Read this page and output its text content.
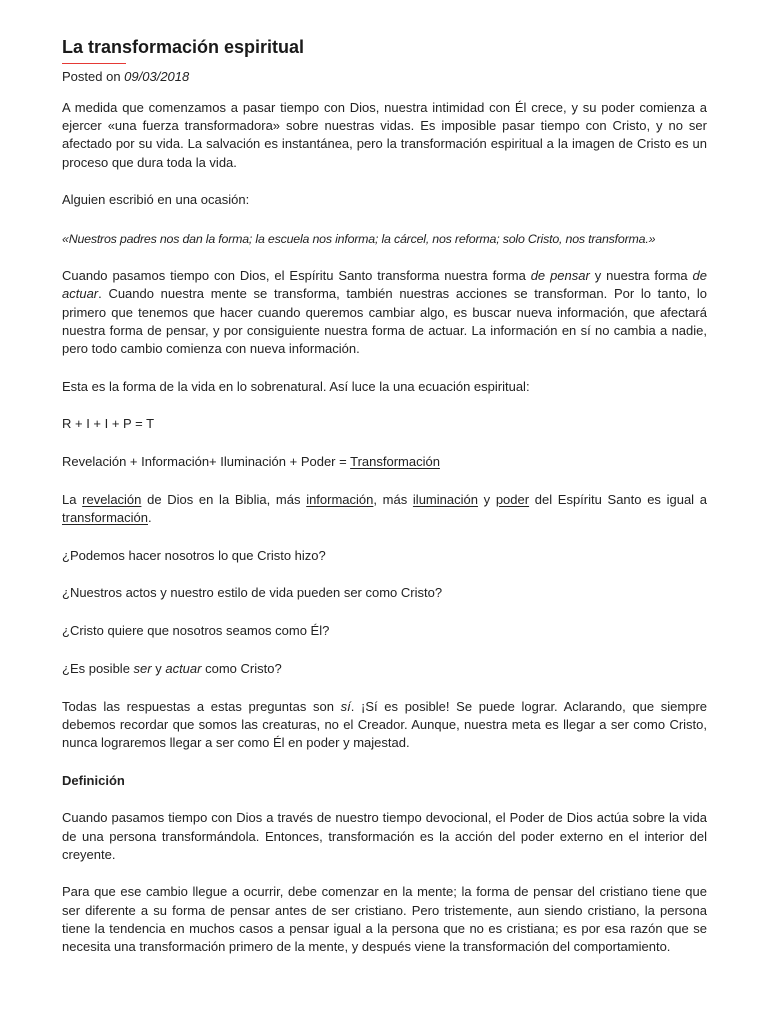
La transformación espiritual
Posted on 09/03/2018

A medida que comenzamos a pasar tiempo con Dios, nuestra intimidad con Él crece, y su poder comienza a ejercer «una fuerza transformadora» sobre nuestras vidas. Es imposible pasar tiempo con Cristo, y no ser afectado por su vida. La salvación es instantánea, pero la transformación espiritual a la imagen de Cristo es un proceso que dura toda la vida.

Alguien escribió en una ocasión:

«Nuestros padres nos dan la forma; la escuela nos informa; la cárcel, nos reforma; solo Cristo, nos transforma.»

Cuando pasamos tiempo con Dios, el Espíritu Santo transforma nuestra forma de pensar y nuestra forma de actuar. Cuando nuestra mente se transforma, también nuestras acciones se transforman. Por lo tanto, lo primero que tenemos que hacer cuando queremos cambiar algo, es buscar nueva información, que afectará nuestra forma de pensar, y por consiguiente nuestra forma de actuar. La información en sí no cambia a nadie, pero todo cambio comienza con nueva información.

Esta es la forma de la vida en lo sobrenatural. Así luce la una ecuación espiritual:

R + I + I + P = T

Revelación + Información+ Iluminación + Poder = Transformación

La revelación de Dios en la Biblia, más información, más iluminación y poder del Espíritu Santo es igual a transformación.

¿Podemos hacer nosotros lo que Cristo hizo?

¿Nuestros actos y nuestro estilo de vida pueden ser como Cristo?

¿Cristo quiere que nosotros seamos como Él?

¿Es posible ser y actuar como Cristo?

Todas las respuestas a estas preguntas son sí. ¡Sí es posible! Se puede lograr. Aclarando, que siempre debemos recordar que somos las creaturas, no el Creador. Aunque, nuestra meta es llegar a ser como Cristo, nunca lograremos llegar a ser como Él en poder y majestad.

Definición

Cuando pasamos tiempo con Dios a través de nuestro tiempo devocional, el Poder de Dios actúa sobre la vida de una persona transformándola. Entonces, transformación es la acción del poder externo en el interior del creyente.

Para que ese cambio llegue a ocurrir, debe comenzar en la mente; la forma de pensar del cristiano tiene que ser diferente a su forma de pensar antes de ser cristiano. Pero tristemente, aun siendo cristiano, la persona tiene la tendencia en muchos casos a pensar igual a la persona que no es cristiana; es por esa razón que se necesita una transformación primero de la mente, y después viene la transformación del comportamiento.
